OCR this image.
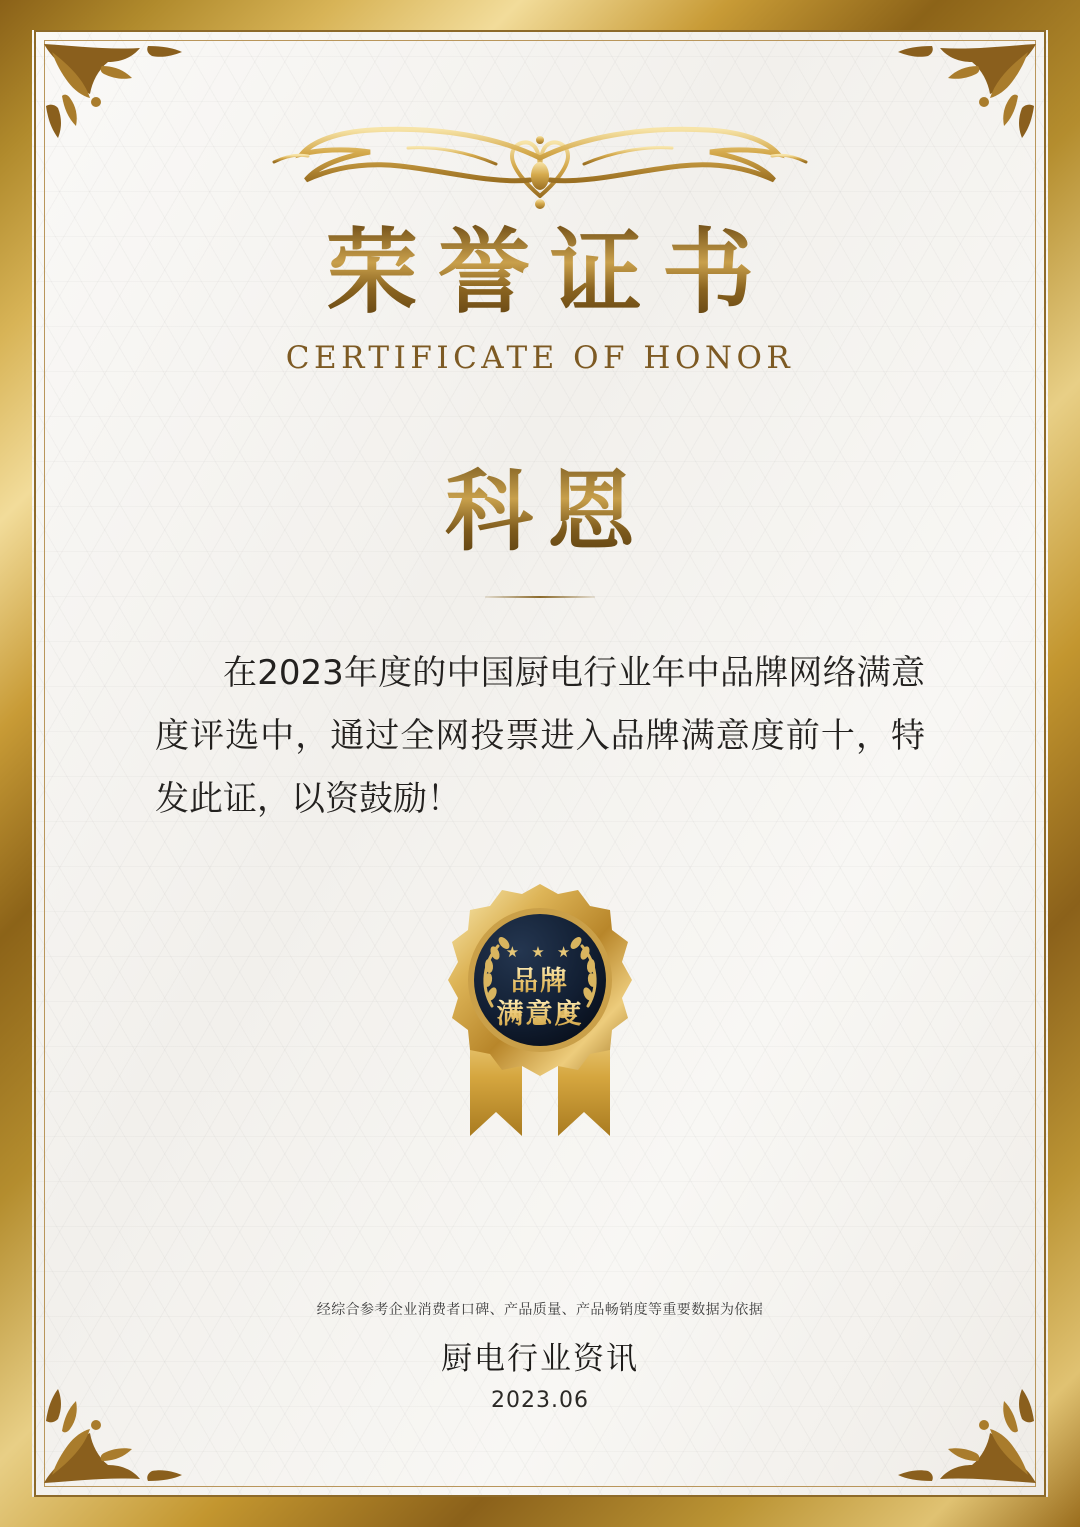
荣誉证书
CERTIFICATE OF HONOR
科恩
在2023年度的中国厨电行业年中品牌网络满意度评选中，通过全网投票进入品牌满意度前十，特发此证，以资鼓励！
★ ★ ★
品牌
满意度
经综合参考企业消费者口碑、产品质量、产品畅销度等重要数据为依据
厨电行业资讯
2023.06
